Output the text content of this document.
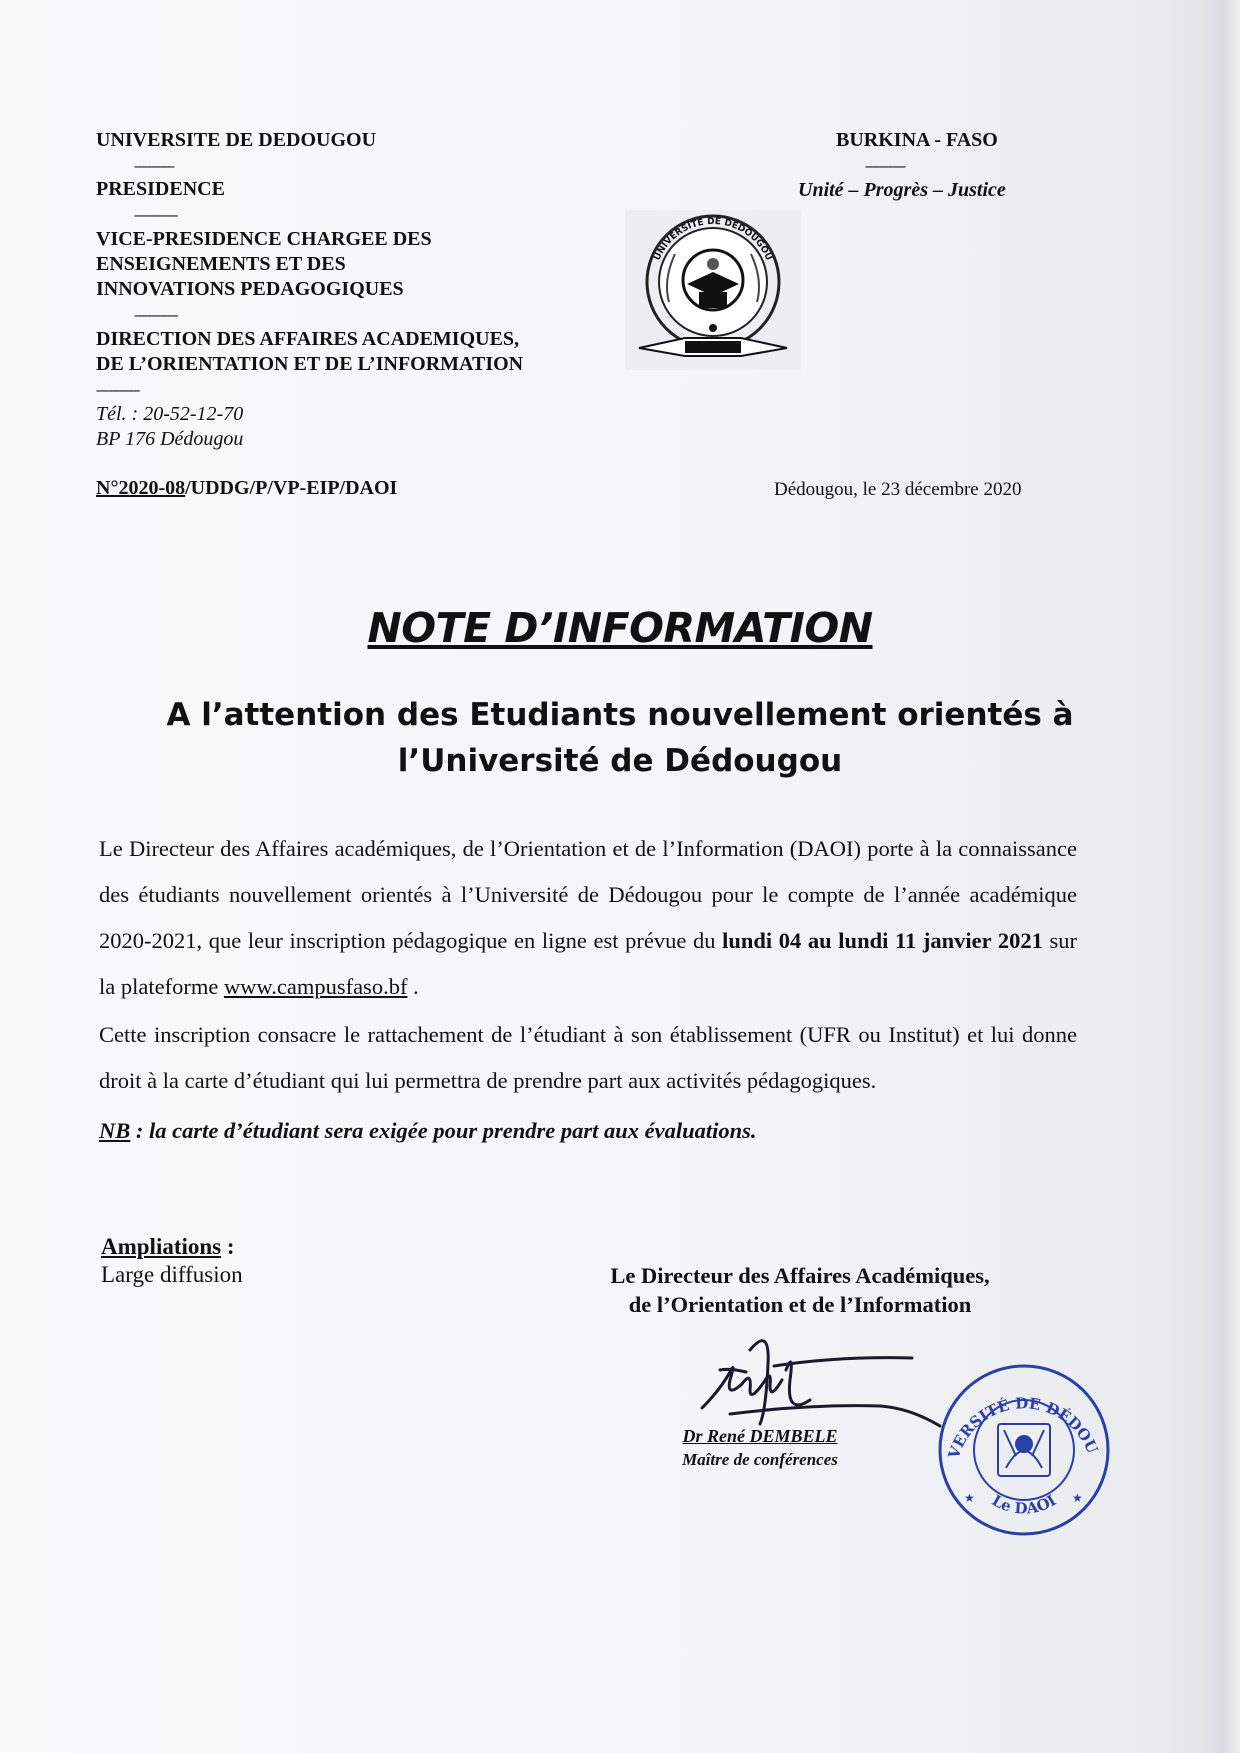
UNIVERSITE DE DEDOUGOU
------------
PRESIDENCE
-------------
VICE-PRESIDENCE CHARGEE DES
ENSEIGNEMENTS ET DES
INNOVATIONS PEDAGOGIQUES
-------------
DIRECTION DES AFFAIRES ACADEMIQUES,
DE L’ORIENTATION ET DE L’INFORMATION
-------------
Tél. : 20-52-12-70
BP 176 Dédougou
BURKINA - FASO
------------
Unité – Progrès – Justice
UNIVERSITE DE DEDOUGOU
N°2020-08/UDDG/P/VP-EIP/DAOI	Dédougou, le 23 décembre 2020
NOTE D’INFORMATION
A l’attention des Etudiants nouvellement orientés à
l’Université de Dédougou
Le Directeur des Affaires académiques, de l’Orientation et de l’Information (DAOI) porte à la connaissance des étudiants nouvellement orientés à l’Université de Dédougou pour le compte de l’année académique 2020-2021, que leur inscription pédagogique en ligne est prévue du lundi 04 au lundi 11 janvier 2021 sur la plateforme www.campusfaso.bf .
Cette inscription consacre le rattachement de l’étudiant à son établissement (UFR ou Institut) et lui donne droit à la carte d’étudiant qui lui permettra de prendre part aux activités pédagogiques.
NB : la carte d’étudiant sera exigée pour prendre part aux évaluations.
Ampliations :
Large diffusion	Le Directeur des Affaires Académiques,
de l’Orientation et de l’Information
Dr René DEMBELE
Maître de conférences	VERSITÉ DE DÉDOU
Le DAOI
★	★
